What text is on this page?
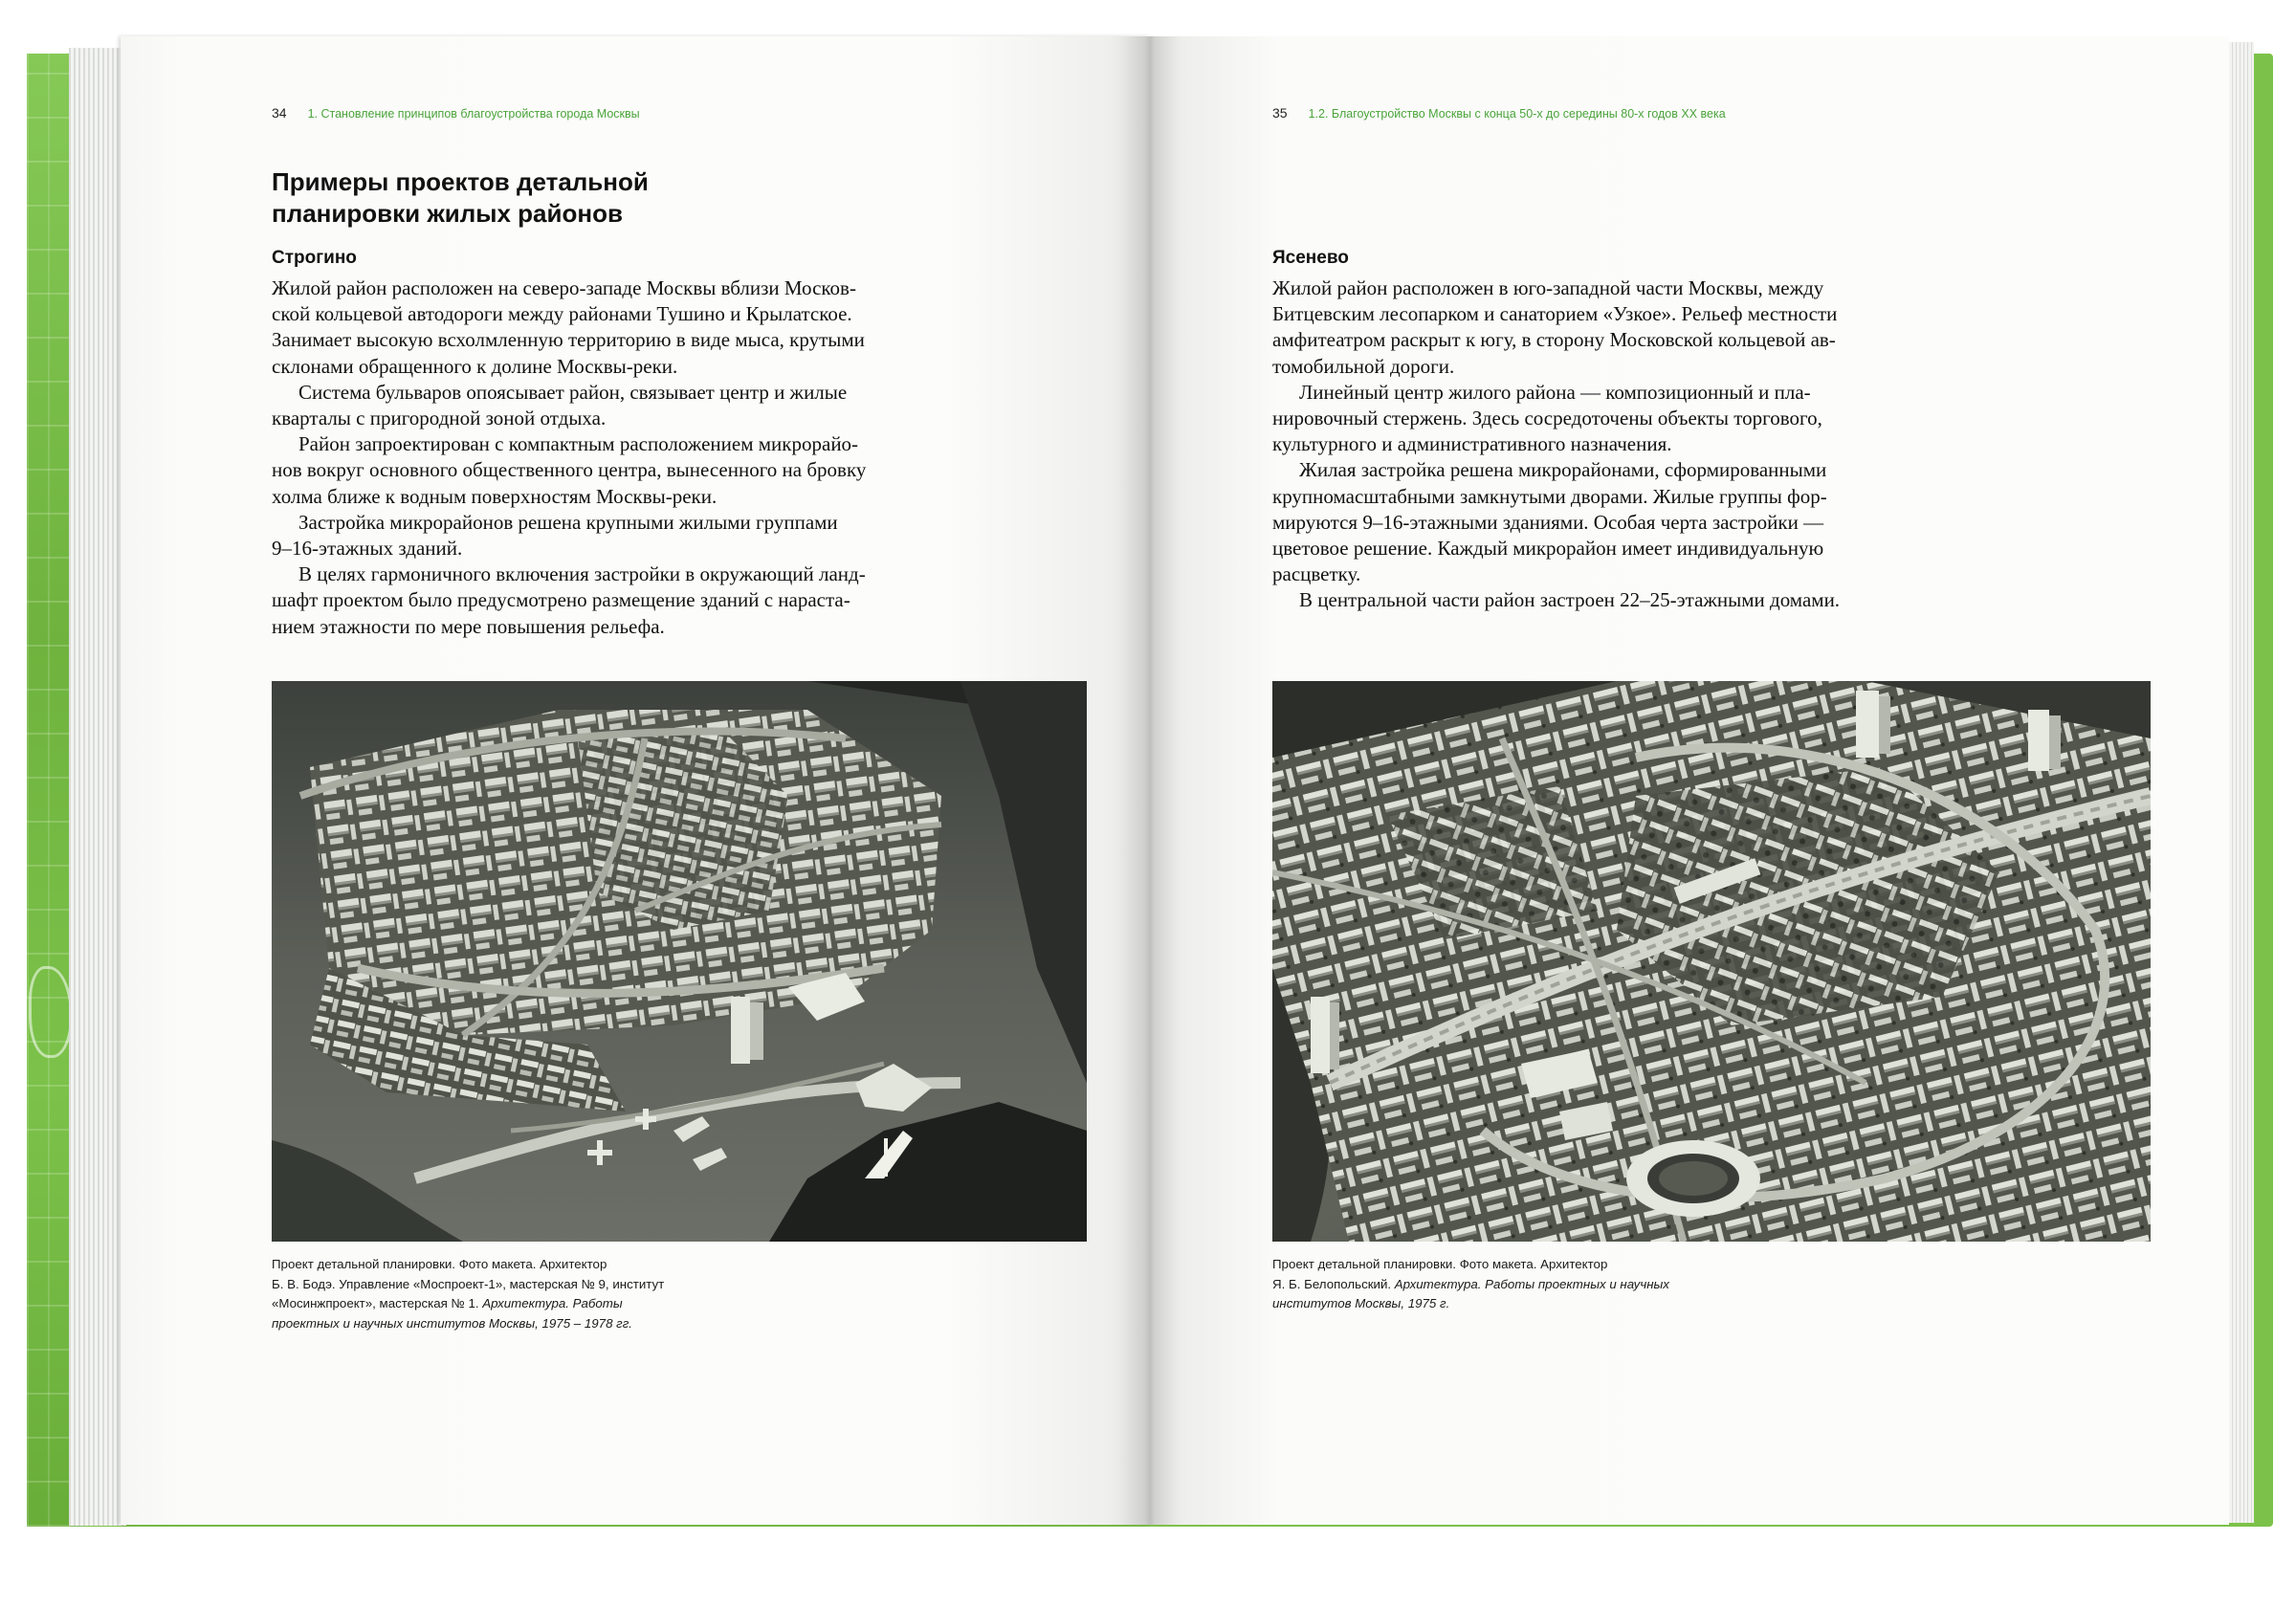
34 1. Становление принципов благоустройства города Москвы
Примеры проектов детальной
планировки жилых районов
Строгино

Жилой район расположен на северо-западе Москвы вблизи Москов-

ской кольцевой автодороги между районами Тушино и Крылатское.

Занимает высокую всхолмленную территорию в виде мыса, крутыми

склонами обращенного к долине Москвы-реки.

Система бульваров опоясывает район, связывает центр и жилые

кварталы с пригородной зоной отдыха.

Район запроектирован с компактным расположением микрорайо-

нов вокруг основного общественного центра, вынесенного на бровку

холма ближе к водным поверхностям Москвы-реки.

Застройка микрорайонов решена крупными жилыми группами

9–16-этажных зданий.

В целях гармоничного включения застройки в окружающий ланд-

шафт проектом было предусмотрено размещение зданий с нараста-

нием этажности по мере повышения рельефа.

Проект детальной планировки. Фото макета. Архитектор
Б. В. Бодэ. Управление «Моспроект-1», мастерская № 9, институт
«Мосинжпроект», мастерская № 1. Архитектура. Работы
проектных и научных институтов Москвы, 1975 – 1978 гг.
35 1.2. Благоустройство Москвы с конца 50-х до середины 80-х годов XX века
Ясенево

Жилой район расположен в юго-западной части Москвы, между

Битцевским лесопарком и санаторием «Узкое». Рельеф местности

амфитеатром раскрыт к югу, в сторону Московской кольцевой ав-

томобильной дороги.

Линейный центр жилого района — композиционный и пла-

нировочный стержень. Здесь сосредоточены объекты торгового,

культурного и административного назначения.

Жилая застройка решена микрорайонами, сформированными

крупномасштабными замкнутыми дворами. Жилые группы фор-

мируются 9–16-этажными зданиями. Особая черта застройки —

цветовое решение. Каждый микрорайон имеет индивидуальную

расцветку.

В центральной части район застроен 22–25-этажными домами.

Проект детальной планировки. Фото макета. Архитектор
Я. Б. Белопольский. Архитектура. Работы проектных и научных
институтов Москвы, 1975 г.
